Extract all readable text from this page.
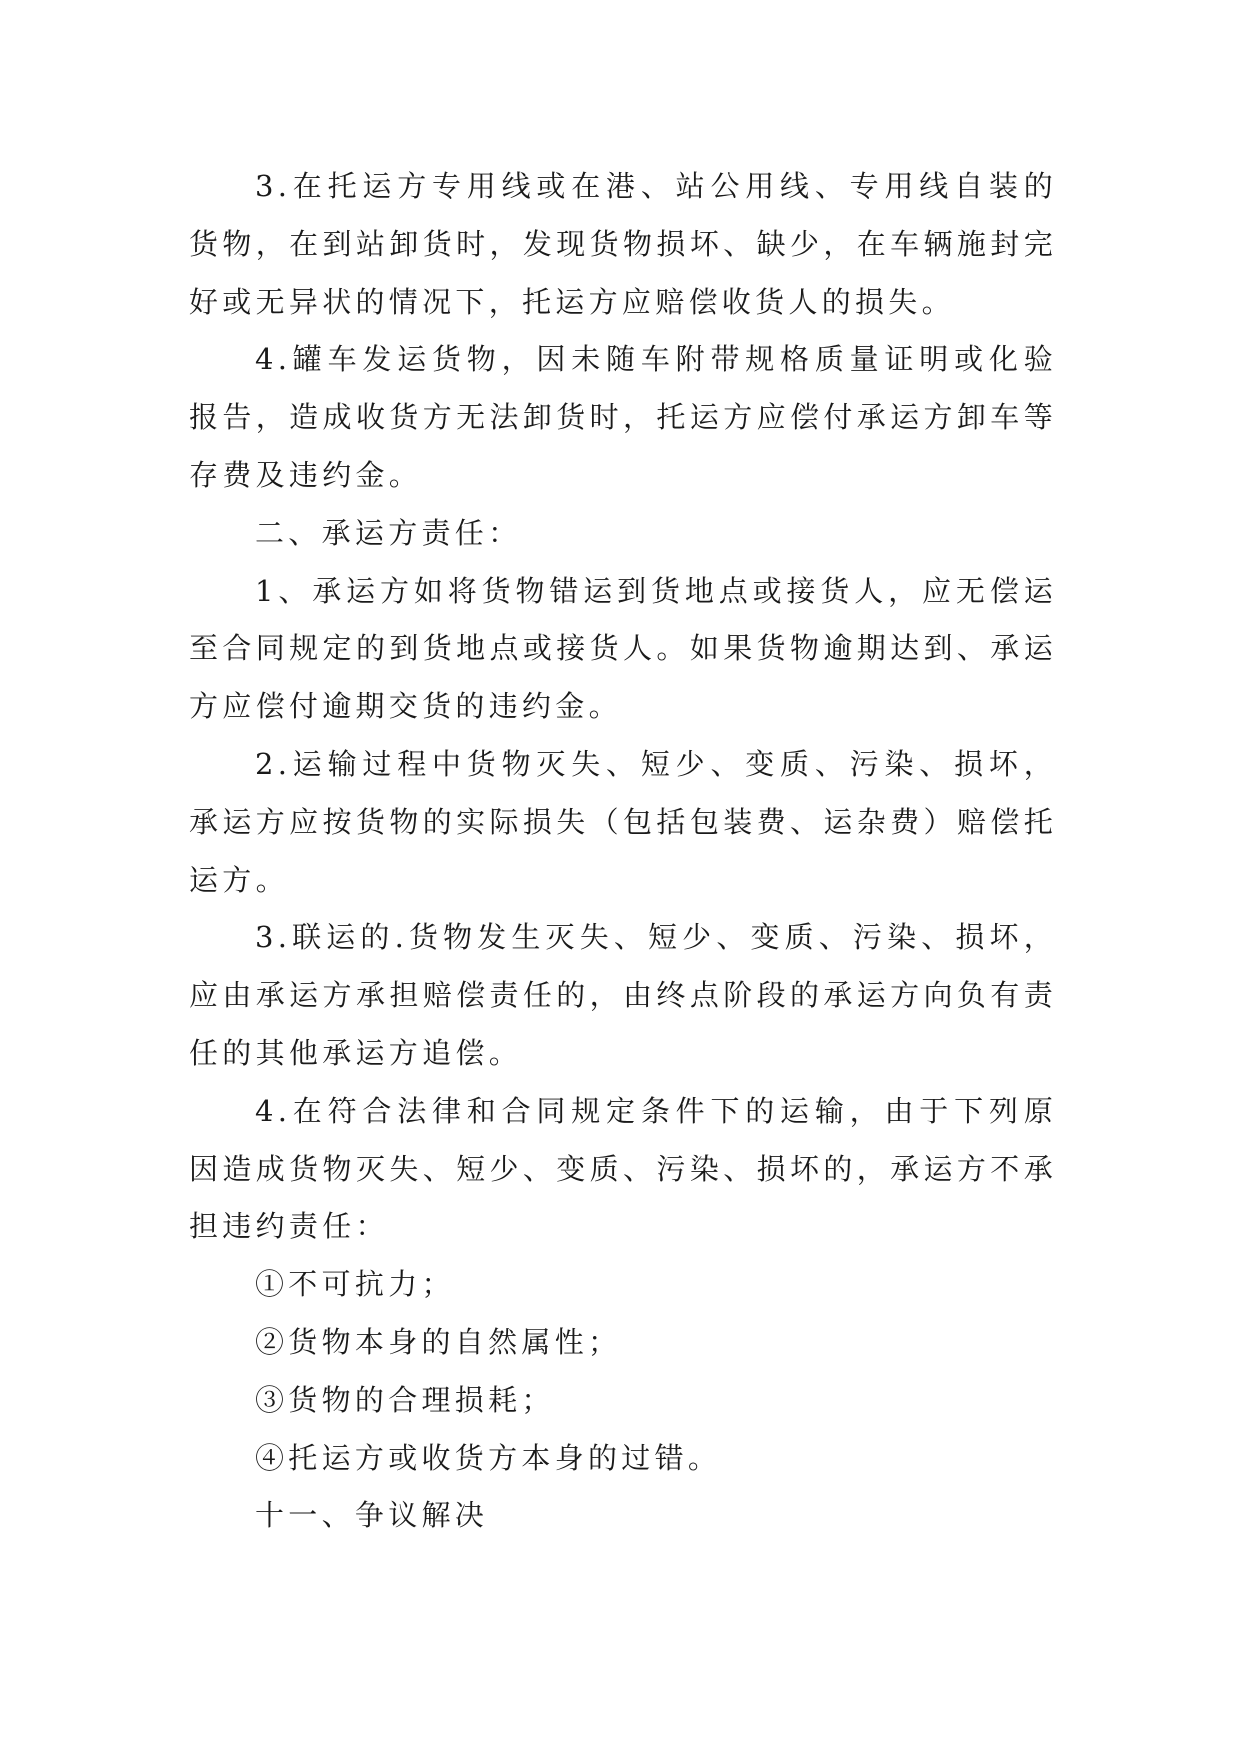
3.在托运方专用线或在港、站公用线、专用线自装的货物，在到站卸货时，发现货物损坏、缺少，在车辆施封完好或无异状的情况下，托运方应赔偿收货人的损失。

4.罐车发运货物，因未随车附带规格质量证明或化验报告，造成收货方无法卸货时，托运方应偿付承运方卸车等存费及违约金。

二、承运方责任：

1、承运方如将货物错运到货地点或接货人，应无偿运至合同规定的到货地点或接货人。如果货物逾期达到、承运方应偿付逾期交货的违约金。

2.运输过程中货物灭失、短少、变质、污染、损坏，承运方应按货物的实际损失（包括包装费、运杂费）赔偿托运方。

3.联运的.货物发生灭失、短少、变质、污染、损坏，应由承运方承担赔偿责任的，由终点阶段的承运方向负有责任的其他承运方追偿。

4.在符合法律和合同规定条件下的运输，由于下列原因造成货物灭失、短少、变质、污染、损坏的，承运方不承担违约责任：

①不可抗力；

②货物本身的自然属性；

③货物的合理损耗；

④托运方或收货方本身的过错。

十一、争议解决
